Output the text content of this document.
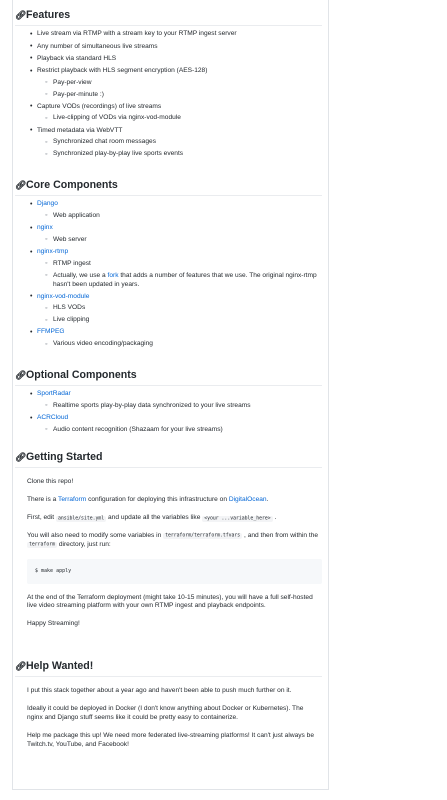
🔗︎ Features
• Live stream via RTMP with a stream key to your RTMP ingest server
• Any number of simultaneous live streams
• Playback via standard HLS
• Restrict playback with HLS segment encryption (AES-128)
◦ Pay-per-view
◦ Pay-per-minute :)
• Capture VODs (recordings) of live streams
◦ Live-clipping of VODs via nginx-vod-module
• Timed metadata via WebVTT
◦ Synchronized chat room messages
◦ Synchronized play-by-play live sports events
🔗︎ Core Components
• Django
◦ Web application
• nginx
◦ Web server
• nginx-rtmp
◦ RTMP ingest
◦ Actually, we use a fork that adds a number of features that we use. The original nginx-rtmp hasn't been updated in years.
• nginx-vod-module
◦ HLS VODs
◦ Live clipping
• FFMPEG
◦ Various video encoding/packaging
🔗︎ Optional Components
• SportRadar
◦ Realtime sports play-by-play data synchronized to your live streams
• ACRCloud
◦ Audio content recognition (Shazaam for your live streams)
🔗︎ Getting Started

Clone this repo!

There is a Terraform configuration for deploying this infrastructure on DigitalOcean.

First, edit ansible/site.yml and update all the variables like <your ...variable_here> .

You will also need to modify some variables in terraform/terraform.tfvars , and then from within the terraform directory, just run:

$ make apply

At the end of the Terraform deployment (might take 10-15 minutes), you will have a full self-hosted live video streaming platform with your own RTMP ingest and playback endpoints.

Happy Streaming!

🔗︎ Help Wanted!

I put this stack together about a year ago and haven't been able to push much further on it.

Ideally it could be deployed in Docker (I don't know anything about Docker or Kubernetes). The nginx and Django stuff seems like it could be pretty easy to containerize.

Help me package this up! We need more federated live-streaming platforms! It can't just always be Twitch.tv, YouTube, and Facebook!
